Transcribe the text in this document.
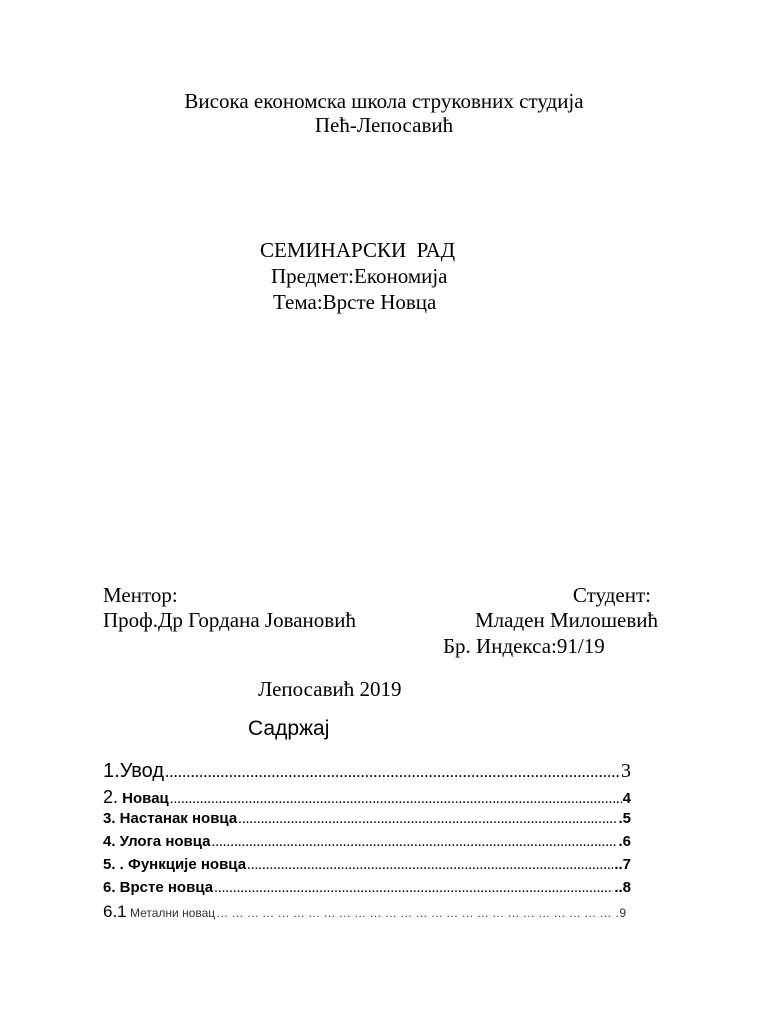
Висока економска школа струковних студија
Пећ-Лепосавић
СЕМИНАРСКИ  РАД
Предмет:Економија
Тема:Врсте Новца
Ментор:
Проф.Др Гордана Јовановић
Студент:
Младен Милошевић
Бр. Индекса:91/19
Лепосавић 2019
Садржај
1. Увод .....	3
2. Новац .....	4
3. Настанак новца .....	.5
4. Улога новца .....	.6
5. . Функције новца .....	..7
6. Врсте новца .....	..8
6.1 Метални новац … … … … … … … … … … … … … … … … … … … … … … … … … … … … … … … … … … … … … … … … … … … … … … … … … … … … … … … …	9
